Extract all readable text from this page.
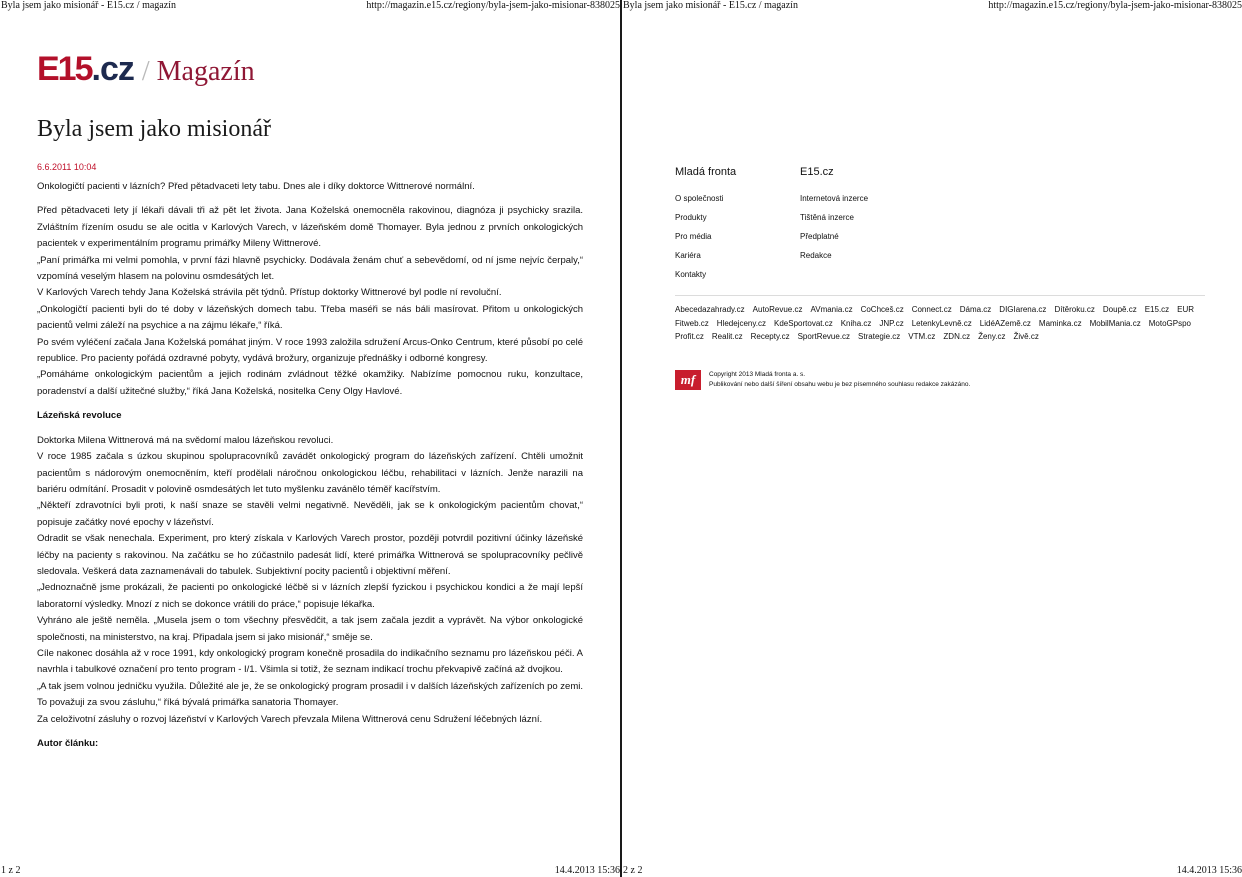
Byla jsem jako misionář - E15.cz / magazín	http://magazin.e15.cz/regiony/byla-jsem-jako-misionar-838025
E15 .cz / Magazín
Byla jsem jako misionář
6.6.2011 10:04

Onkologičtí pacienti v lázních? Před pětadvaceti lety tabu. Dnes ale i díky doktorce Wittnerové normální.

Před pětadvaceti lety jí lékaři dávali tři až pět let života. Jana Koželská onemocněla rakovinou, diagnóza ji psychicky srazila. Zvláštním řízením osudu se ale ocitla v Karlových Varech, v lázeňském domě Thomayer. Byla jednou z prvních onkologických pacientek v experimentálním programu primářky Mileny Wittnerové.

„Paní primářka mi velmi pomohla, v první fázi hlavně psychicky. Dodávala ženám chuť a sebevědomí, od ní jsme nejvíc čerpaly,“ vzpomíná veselým hlasem na polovinu osmdesátých let.

V Karlových Varech tehdy Jana Koželská strávila pět týdnů. Přístup doktorky Wittnerové byl podle ní revoluční.

„Onkologičtí pacienti byli do té doby v lázeňských domech tabu. Třeba maséři se nás báli masírovat. Přitom u onkologických pacientů velmi záleží na psychice a na zájmu lékaře,“ říká.

Po svém vyléčení začala Jana Koželská pomáhat jiným. V roce 1993 založila sdružení Arcus-Onko Centrum, které působí po celé republice. Pro pacienty pořádá ozdravné pobyty, vydává brožury, organizuje přednášky i odborné kongresy.

„Pomáháme onkologickým pacientům a jejich rodinám zvládnout těžké okamžiky. Nabízíme pomocnou ruku, konzultace, poradenství a další užitečné služby,“ říká Jana Koželská, nositelka Ceny Olgy Havlové.

Lázeňská revoluce

Doktorka Milena Wittnerová má na svědomí malou lázeňskou revoluci.

V roce 1985 začala s úzkou skupinou spolupracovníků zavádět onkologický program do lázeňských zařízení. Chtěli umožnit pacientům s nádorovým onemocněním, kteří prodělali náročnou onkologickou léčbu, rehabilitaci v lázních. Jenže narazili na bariéru odmítání. Prosadit v polovině osmdesátých let tuto myšlenku zavánělo téměř kacířstvím.

„Někteří zdravotníci byli proti, k naší snaze se stavěli velmi negativně. Nevěděli, jak se k onkologickým pacientům chovat,“ popisuje začátky nové epochy v lázeňství.

Odradit se však nenechala. Experiment, pro který získala v Karlových Varech prostor, později potvrdil pozitivní účinky lázeňské léčby na pacienty s rakovinou. Na začátku se ho zúčastnilo padesát lidí, které primářka Wittnerová se spolupracovníky pečlivě sledovala. Veškerá data zaznamenávali do tabulek. Subjektivní pocity pacientů i objektivní měření.

„Jednoznačně jsme prokázali, že pacienti po onkologické léčbě si v lázních zlepší fyzickou i psychickou kondici a že mají lepší laboratorní výsledky. Mnozí z nich se dokonce vrátili do práce,“ popisuje lékařka.

Vyhráno ale ještě neměla. „Musela jsem o tom všechny přesvědčit, a tak jsem začala jezdit a vyprávět. Na výbor onkologické společnosti, na ministerstvo, na kraj. Připadala jsem si jako misionář,“ směje se.

Cíle nakonec dosáhla až v roce 1991, kdy onkologický program konečně prosadila do indikačního seznamu pro lázeňskou péči. A navrhla i tabulkové označení pro tento program - I/1. Všimla si totiž, že seznam indikací trochu překvapivě začíná až dvojkou.

„A tak jsem volnou jedničku využila. Důležité ale je, že se onkologický program prosadil i v dalších lázeňských zařízeních po zemi. To považuji za svou zásluhu,“ říká bývalá primářka sanatoria Thomayer.

Za celoživotní zásluhy o rozvoj lázeňství v Karlových Varech převzala Milena Wittnerová cenu Sdružení léčebných lázní.

Autor článku:

1 z 2	14.4.2013 15:36
Byla jsem jako misionář - E15.cz / magazín	http://magazin.e15.cz/regiony/byla-jsem-jako-misionar-838025
Mladá fronta
O společnosti
Produkty
Pro média
Kariéra
Kontakty
E15.cz
Internetová inzerce
Tištěná inzerce
Předplatné
Redakce
Abecedazahrady.cz AutoRevue.cz AVmania.cz CoChceš.cz Connect.cz Dáma.cz DIGIarena.cz Dítěroku.cz Doupě.cz E15.cz EUR
Fitweb.cz Hledejceny.cz KdeSportovat.cz Kniha.cz JNP.cz LetenkyLevně.cz LidéAZemě.cz Maminka.cz MobilMania.cz MotoGPspo
Profit.cz Realit.cz Recepty.cz SportRevue.cz Strategie.cz VTM.cz ZDN.cz Ženy.cz Živě.cz
mf	Copyright 2013 Mladá fronta a. s.
Publikování nebo další šíření obsahu webu je bez písemného souhlasu redakce zakázáno.
2 z 2	14.4.2013 15:36
